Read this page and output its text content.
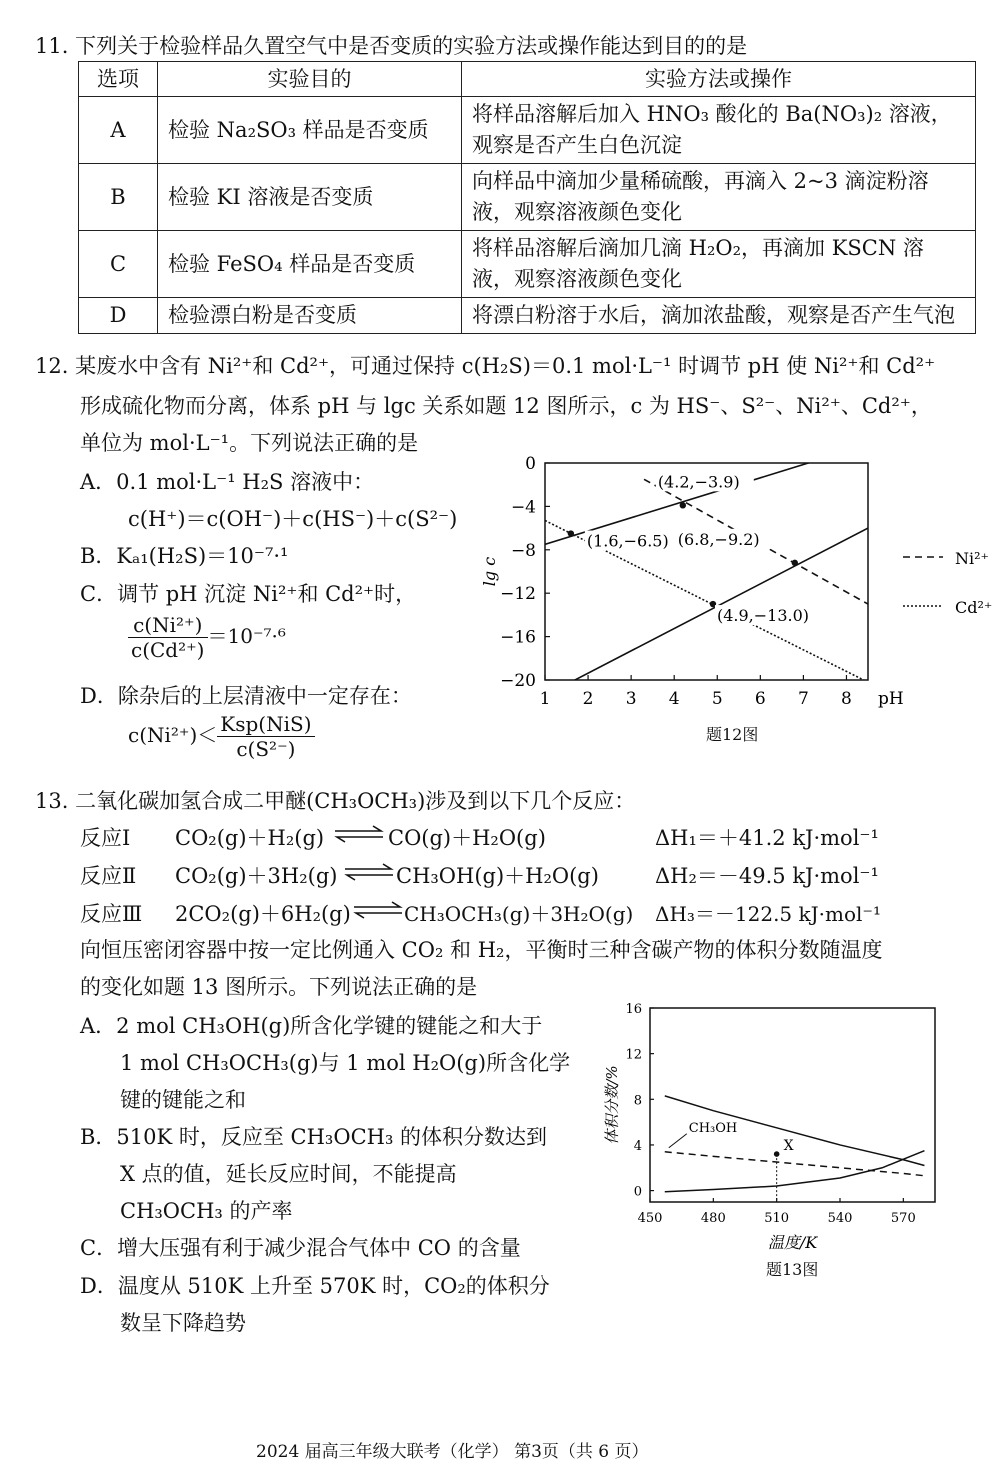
11. 下列关于检验样品久置空气中是否变质的实验方法或操作能达到目的的是
选项	实验目的	实验方法或操作
A	检验 Na₂SO₃ 样品是否变质	将样品溶解后加入 HNO₃ 酸化的 Ba(NO₃)₂ 溶液，观察是否产生白色沉淀
B	检验 KI 溶液是否变质	向样品中滴加少量稀硫酸，再滴入 2~3 滴淀粉溶液，观察溶液颜色变化
C	检验 FeSO₄ 样品是否变质	将样品溶解后滴加几滴 H₂O₂，再滴加 KSCN 溶液，观察溶液颜色变化
D	检验漂白粉是否变质	将漂白粉溶于水后，滴加浓盐酸，观察是否产生气泡
12. 某废水中含有 Ni²⁺和 Cd²⁺，可通过保持 c(H₂S)＝0.1 mol·L⁻¹ 时调节 pH 使 Ni²⁺和 Cd²⁺
形成硫化物而分离，体系 pH 与 lgc 关系如题 12 图所示，c 为 HS⁻、S²⁻、Ni²⁺、Cd²⁺，
单位为 mol·L⁻¹。下列说法正确的是
A．0.1 mol·L⁻¹ H₂S 溶液中：
c(H⁺)＝c(OH⁻)＋c(HS⁻)＋c(S²⁻)
B．Kₐ₁(H₂S)＝10⁻⁷·¹
C．调节 pH 沉淀 Ni²⁺和 Cd²⁺时，
$\frac{\text{c(Ni²⁺)}}{\text{c(Cd²⁺)}} =10^{-7}\cdot^6$
D．除杂后的上层清液中一定存在：
$c(Ni^{2+})< \frac{\text{Ksp(NiS)}}{\text{c(S²⁻)}}$
1 2 3 4 5 6 7 8
0
−4
−8
−12
−16
−20
pH
lg c
(4.2,−3.9)
(1.6,−6.5) (6.8,−9.2)
(4.9,−13.0)
Ni²⁺
Cd²⁺
题12图
13. 二氧化碳加氢合成二甲醚(CH₃OCH₃)涉及到以下几个反应：
反应Ⅰ CO₂(g)＋H₂(g) ⇌ CO(g)＋H₂O(g)	ΔH₁＝＋41.2 kJ·mol⁻¹
反应Ⅱ CO₂(g)＋3H₂(g) ⇌ CH₃OH(g)＋H₂O(g)	ΔH₂＝－49.5 kJ·mol⁻¹
反应Ⅲ 2CO₂(g)＋6H₂(g) ⇌ CH₃OCH₃(g)＋3H₂O(g) ΔH₃＝－122.5 kJ·mol⁻¹
向恒压密闭容器中按一定比例通入 CO₂ 和 H₂，平衡时三种含碳产物的体积分数随温度
的变化如题 13 图所示。下列说法正确的是
A．2 mol CH₃OH(g)所含化学键的键能之和大于
1 mol CH₃OCH₃(g)与 1 mol H₂O(g)所含化学
键的键能之和
B．510K 时，反应至 CH₃OCH₃ 的体积分数达到
X 点的值，延长反应时间，不能提高
CH₃OCH₃ 的产率
C．增大压强有利于减少混合气体中 CO 的含量
D．温度从 510K 上升至 570K 时，CO₂的体积分
数呈下降趋势
450	480	510	540	570
0
4
8
12
16
温度/K
体积分数/%	CH₃OH
X
题13图
2024 届高三年级大联考（化学） 第3页（共 6 页）
